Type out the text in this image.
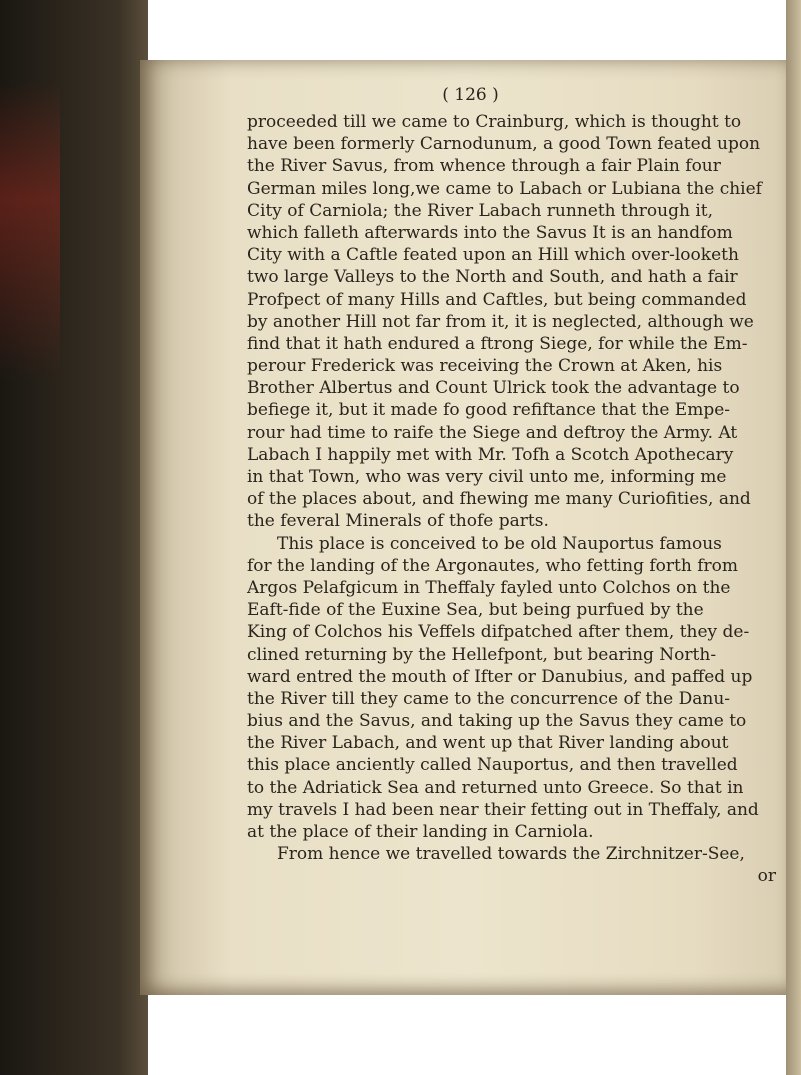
( 126 )
proceeded till we came to Crainburg, which is thought to
have been formerly Carnodunum, a good Town feated upon
the River Savus, from whence through a fair Plain four
German miles long,we came to Labach or Lubiana the chief
City of Carniola; the River Labach runneth through it,
which falleth afterwards into the Savus It is an handfom
City with a Caftle feated upon an Hill which over-looketh
two large Valleys to the North and South, and hath a fair
Profpect of many Hills and Caftles, but being commanded
by another Hill not far from it, it is neglected, although we
find that it hath endured a ftrong Siege, for while the Em-
perour Frederick was receiving the Crown at Aken, his
Brother Albertus and Count Ulrick took the advantage to
befiege it, but it made fo good refiftance that the Empe-
rour had time to raife the Siege and deftroy the Army. At
Labach I happily met with Mr. Tofh a Scotch Apothecary
in that Town, who was very civil unto me, informing me
of the places about, and fhewing me many Curiofities, and
the feveral Minerals of thofe parts.
This place is conceived to be old Nauportus famous
for the landing of the Argonautes, who fetting forth from
Argos Pelafgicum in Theffaly fayled unto Colchos on the
Eaft-fide of the Euxine Sea, but being purfued by the
King of Colchos his Veffels difpatched after them, they de-
clined returning by the Hellefpont, but bearing North-
ward entred the mouth of Ifter or Danubius, and paffed up
the River till they came to the concurrence of the Danu-
bius and the Savus, and taking up the Savus they came to
the River Labach, and went up that River landing about
this place anciently called Nauportus, and then travelled
to the Adriatick Sea and returned unto Greece. So that in
my travels I had been near their fetting out in Theffaly, and
at the place of their landing in Carniola.
From hence we travelled towards the Zirchnitzer-See,
or
